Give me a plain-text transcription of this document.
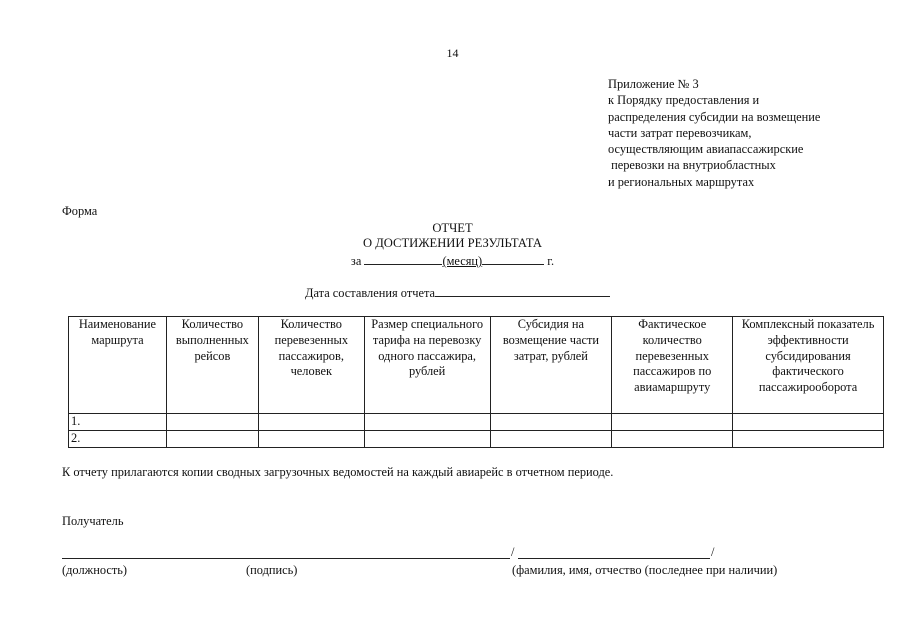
14
Приложение № 3
к Порядку предоставления и
распределения субсидии на возмещение
части затрат перевозчикам,
осуществляющим авиапассажирские
перевозки на внутриобластных
и региональных маршрутах
Форма
ОТЧЕТ
О ДОСТИЖЕНИИ РЕЗУЛЬТАТА
за	(месяц)	г.
Дата составления отчета
Наименование маршрута	Количество выполненных рейсов	Количество перевезенных пассажиров, человек	Размер специального тарифа на перевозку одного пассажира, рублей	Субсидия на возмещение части затрат, рублей	Фактическое количество перевезенных пассажиров по авиамаршруту	Комплексный показатель эффективности субсидирования фактического пассажирооборота
1.						
2.						
К отчету прилагаются копии сводных загрузочных ведомостей на каждый авиарейс в отчетном периоде.
Получатель
/	/
(должность)	(подпись)	(фамилия, имя, отчество (последнее при наличии)
